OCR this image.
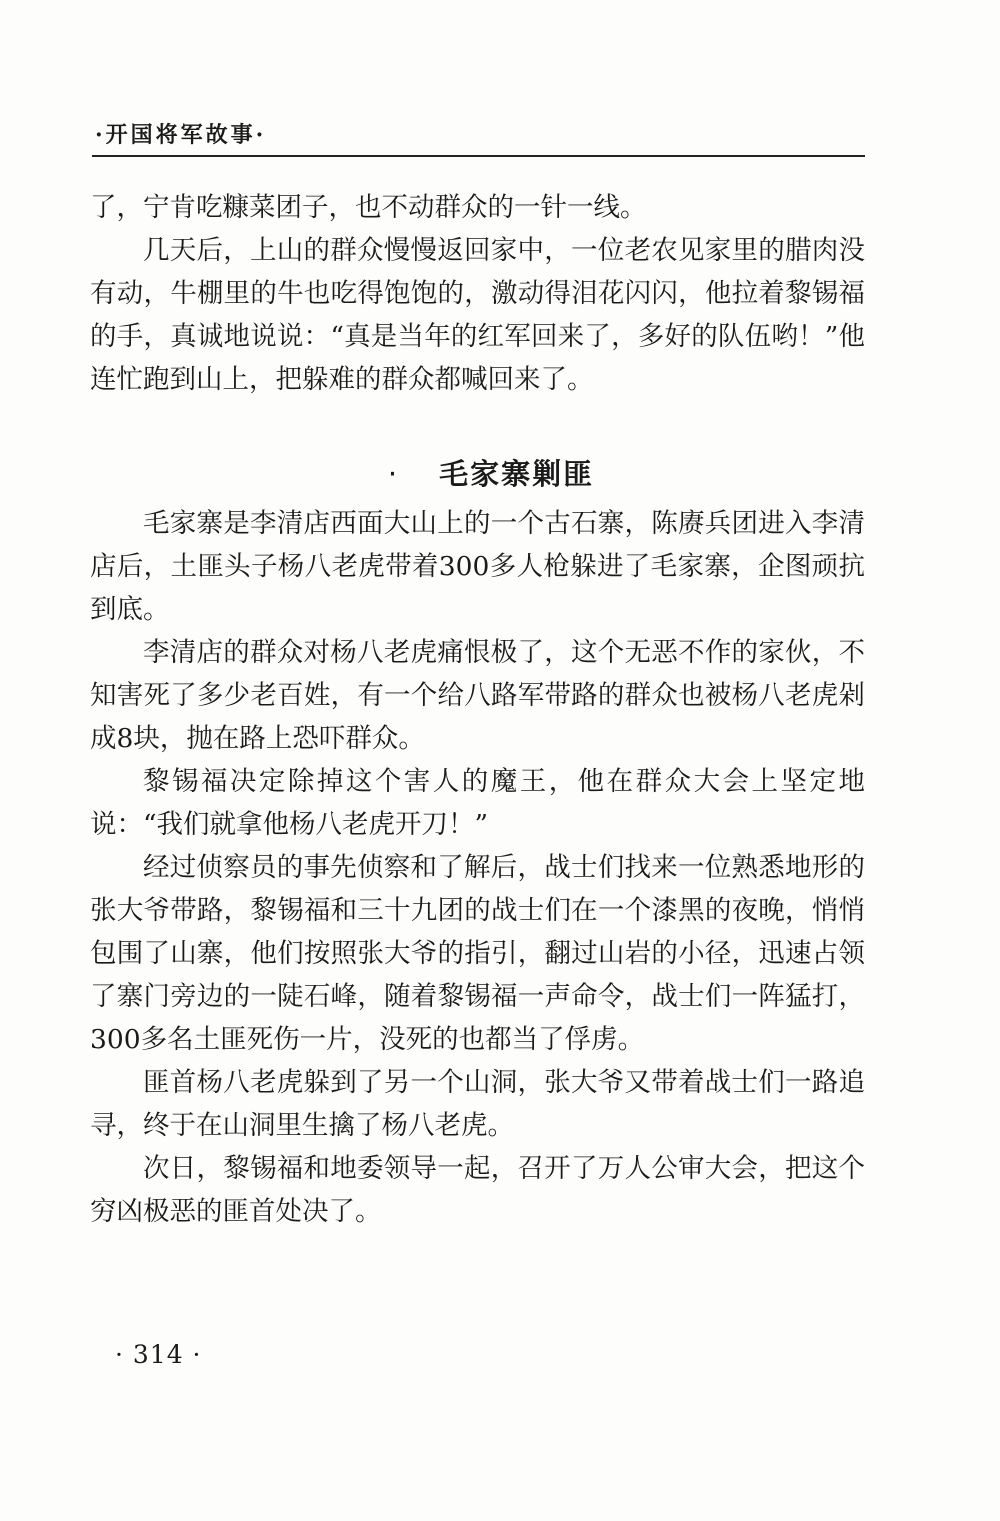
·开国将军故事·

了，宁肯吃糠菜团子，也不动群众的一针一线。

几天后，上山的群众慢慢返回家中，一位老农见家里的腊肉没有动，牛棚里的牛也吃得饱饱的，激动得泪花闪闪，他拉着黎锡福的手，真诚地说说：“真是当年的红军回来了，多好的队伍哟！”他连忙跑到山上，把躲难的群众都喊回来了。

· 毛家寨剿匪

毛家寨是李清店西面大山上的一个古石寨，陈赓兵团进入李清店后，土匪头子杨八老虎带着300多人枪躲进了毛家寨，企图顽抗到底。

李清店的群众对杨八老虎痛恨极了，这个无恶不作的家伙，不知害死了多少老百姓，有一个给八路军带路的群众也被杨八老虎剁成8块，抛在路上恐吓群众。

黎锡福决定除掉这个害人的魔王，他在群众大会上坚定地说：“我们就拿他杨八老虎开刀！”

经过侦察员的事先侦察和了解后，战士们找来一位熟悉地形的张大爷带路，黎锡福和三十九团的战士们在一个漆黑的夜晚，悄悄包围了山寨，他们按照张大爷的指引，翻过山岩的小径，迅速占领了寨门旁边的一陡石峰，随着黎锡福一声命令，战士们一阵猛打，300多名土匪死伤一片，没死的也都当了俘虏。

匪首杨八老虎躲到了另一个山洞，张大爷又带着战士们一路追寻，终于在山洞里生擒了杨八老虎。

次日，黎锡福和地委领导一起，召开了万人公审大会，把这个穷凶极恶的匪首处决了。

· 314 ·
